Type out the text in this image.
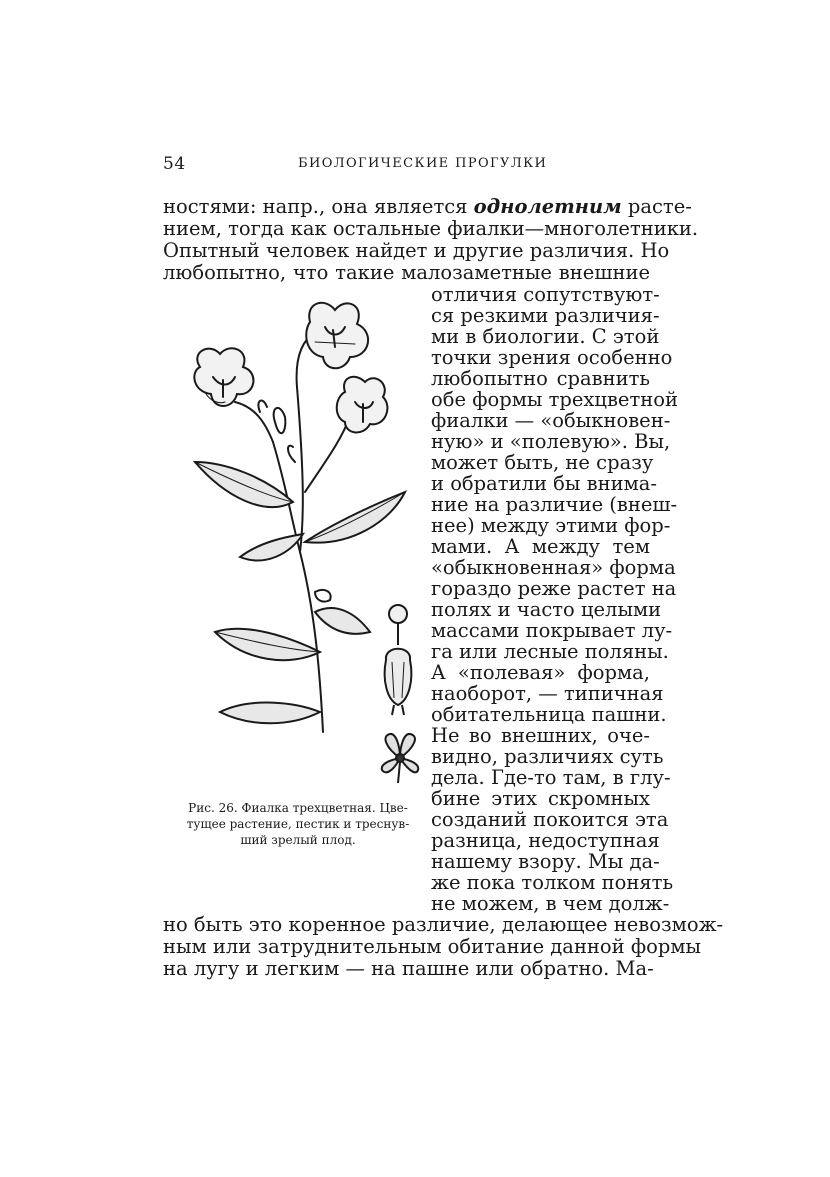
54	БИОЛОГИЧЕСКИЕ ПРОГУЛКИ
ностями: напр., она является однолетним расте-
нием, тогда как остальные фиалки—многолетники.
Опытный человек найдет и другие различия. Но
любопытно, что такие малозаметные внешние
отличия сопутствуют-
ся резкими различия-
ми в биологии. С этой
точки зрения особенно
любопытно сравнить
обе формы трехцветной
фиалки — «обыкновен-
ную» и «полевую». Вы,
может быть, не сразу
и обратили бы внима-
ние на различие (внеш-
нее) между этими фор-
мами. А между тем
«обыкновенная» форма
гораздо реже растет на
полях и часто целыми
массами покрывает лу-
га или лесные поляны.
А «полевая» форма,
наоборот, — типичная
обитательница пашни.
Не во внешних, оче-
видно, различиях суть
дела. Где-то там, в глу-
бине этих скромных
созданий покоится эта
разница, недоступная
нашему взору. Мы да-
же пока толком понять
не можем, в чем долж-
но быть это коренное различие, делающее невозмож-
ным или затруднительным обитание данной формы
на лугу и легким — на пашне или обратно. Ма-
Рис. 26. Фиалка трехцветная. Цве-
тущее растение, пестик и треснув-
ший зрелый плод.
